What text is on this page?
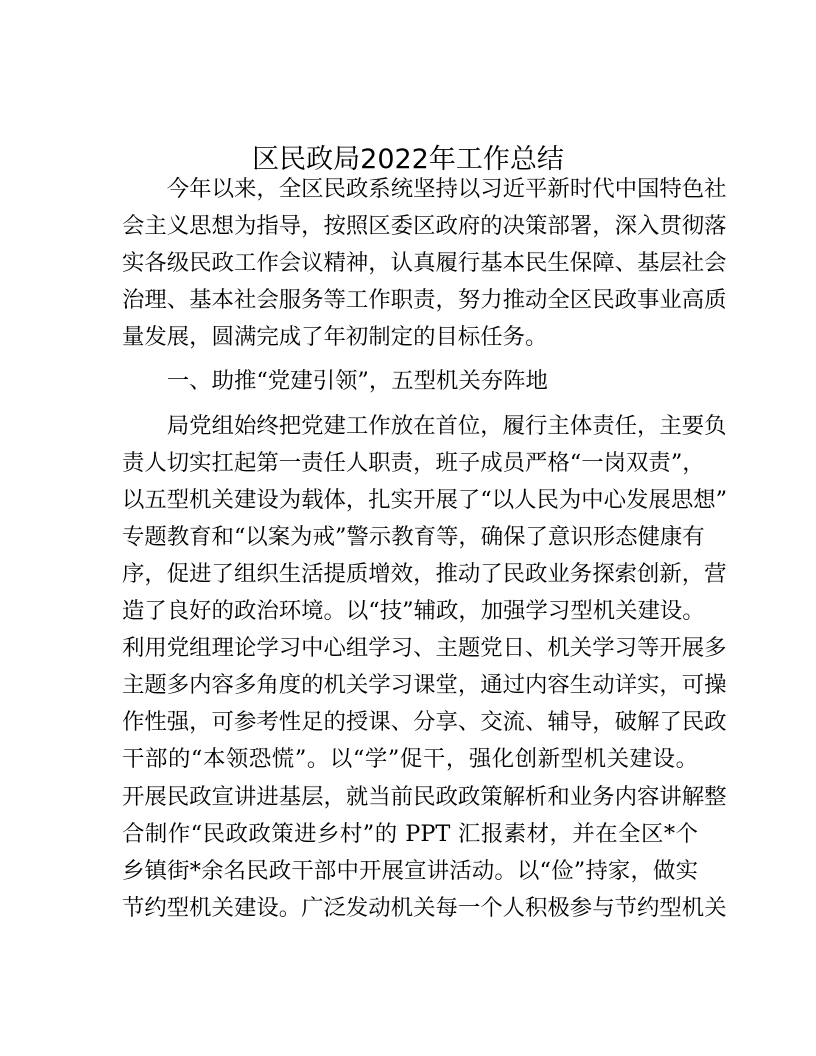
区民政局2022年工作总结
今年以来，全区民政系统坚持以习近平新时代中国特色社
会主义思想为指导，按照区委区政府的决策部署，深入贯彻落
实各级民政工作会议精神，认真履行基本民生保障、基层社会
治理、基本社会服务等工作职责，努力推动全区民政事业高质
量发展，圆满完成了年初制定的目标任务。
一、助推“党建引领”，五型机关夯阵地
局党组始终把党建工作放在首位，履行主体责任，主要负
责人切实扛起第一责任人职责，班子成员严格“一岗双责”，
以五型机关建设为载体，扎实开展了“以人民为中心发展思想”
专题教育和“以案为戒”警示教育等，确保了意识形态健康有
序，促进了组织生活提质增效，推动了民政业务探索创新，营
造了良好的政治环境。以“技”辅政，加强学习型机关建设。
利用党组理论学习中心组学习、主题党日、机关学习等开展多
主题多内容多角度的机关学习课堂，通过内容生动详实，可操
作性强，可参考性足的授课、分享、交流、辅导，破解了民政
干部的“本领恐慌”。以“学”促干，强化创新型机关建设。
开展民政宣讲进基层，就当前民政政策解析和业务内容讲解整
合制作“民政政策进乡村”的 PPT 汇报素材，并在全区*个
乡镇街*余名民政干部中开展宣讲活动。以“俭”持家，做实
节约型机关建设。广泛发动机关每一个人积极参与节约型机关
